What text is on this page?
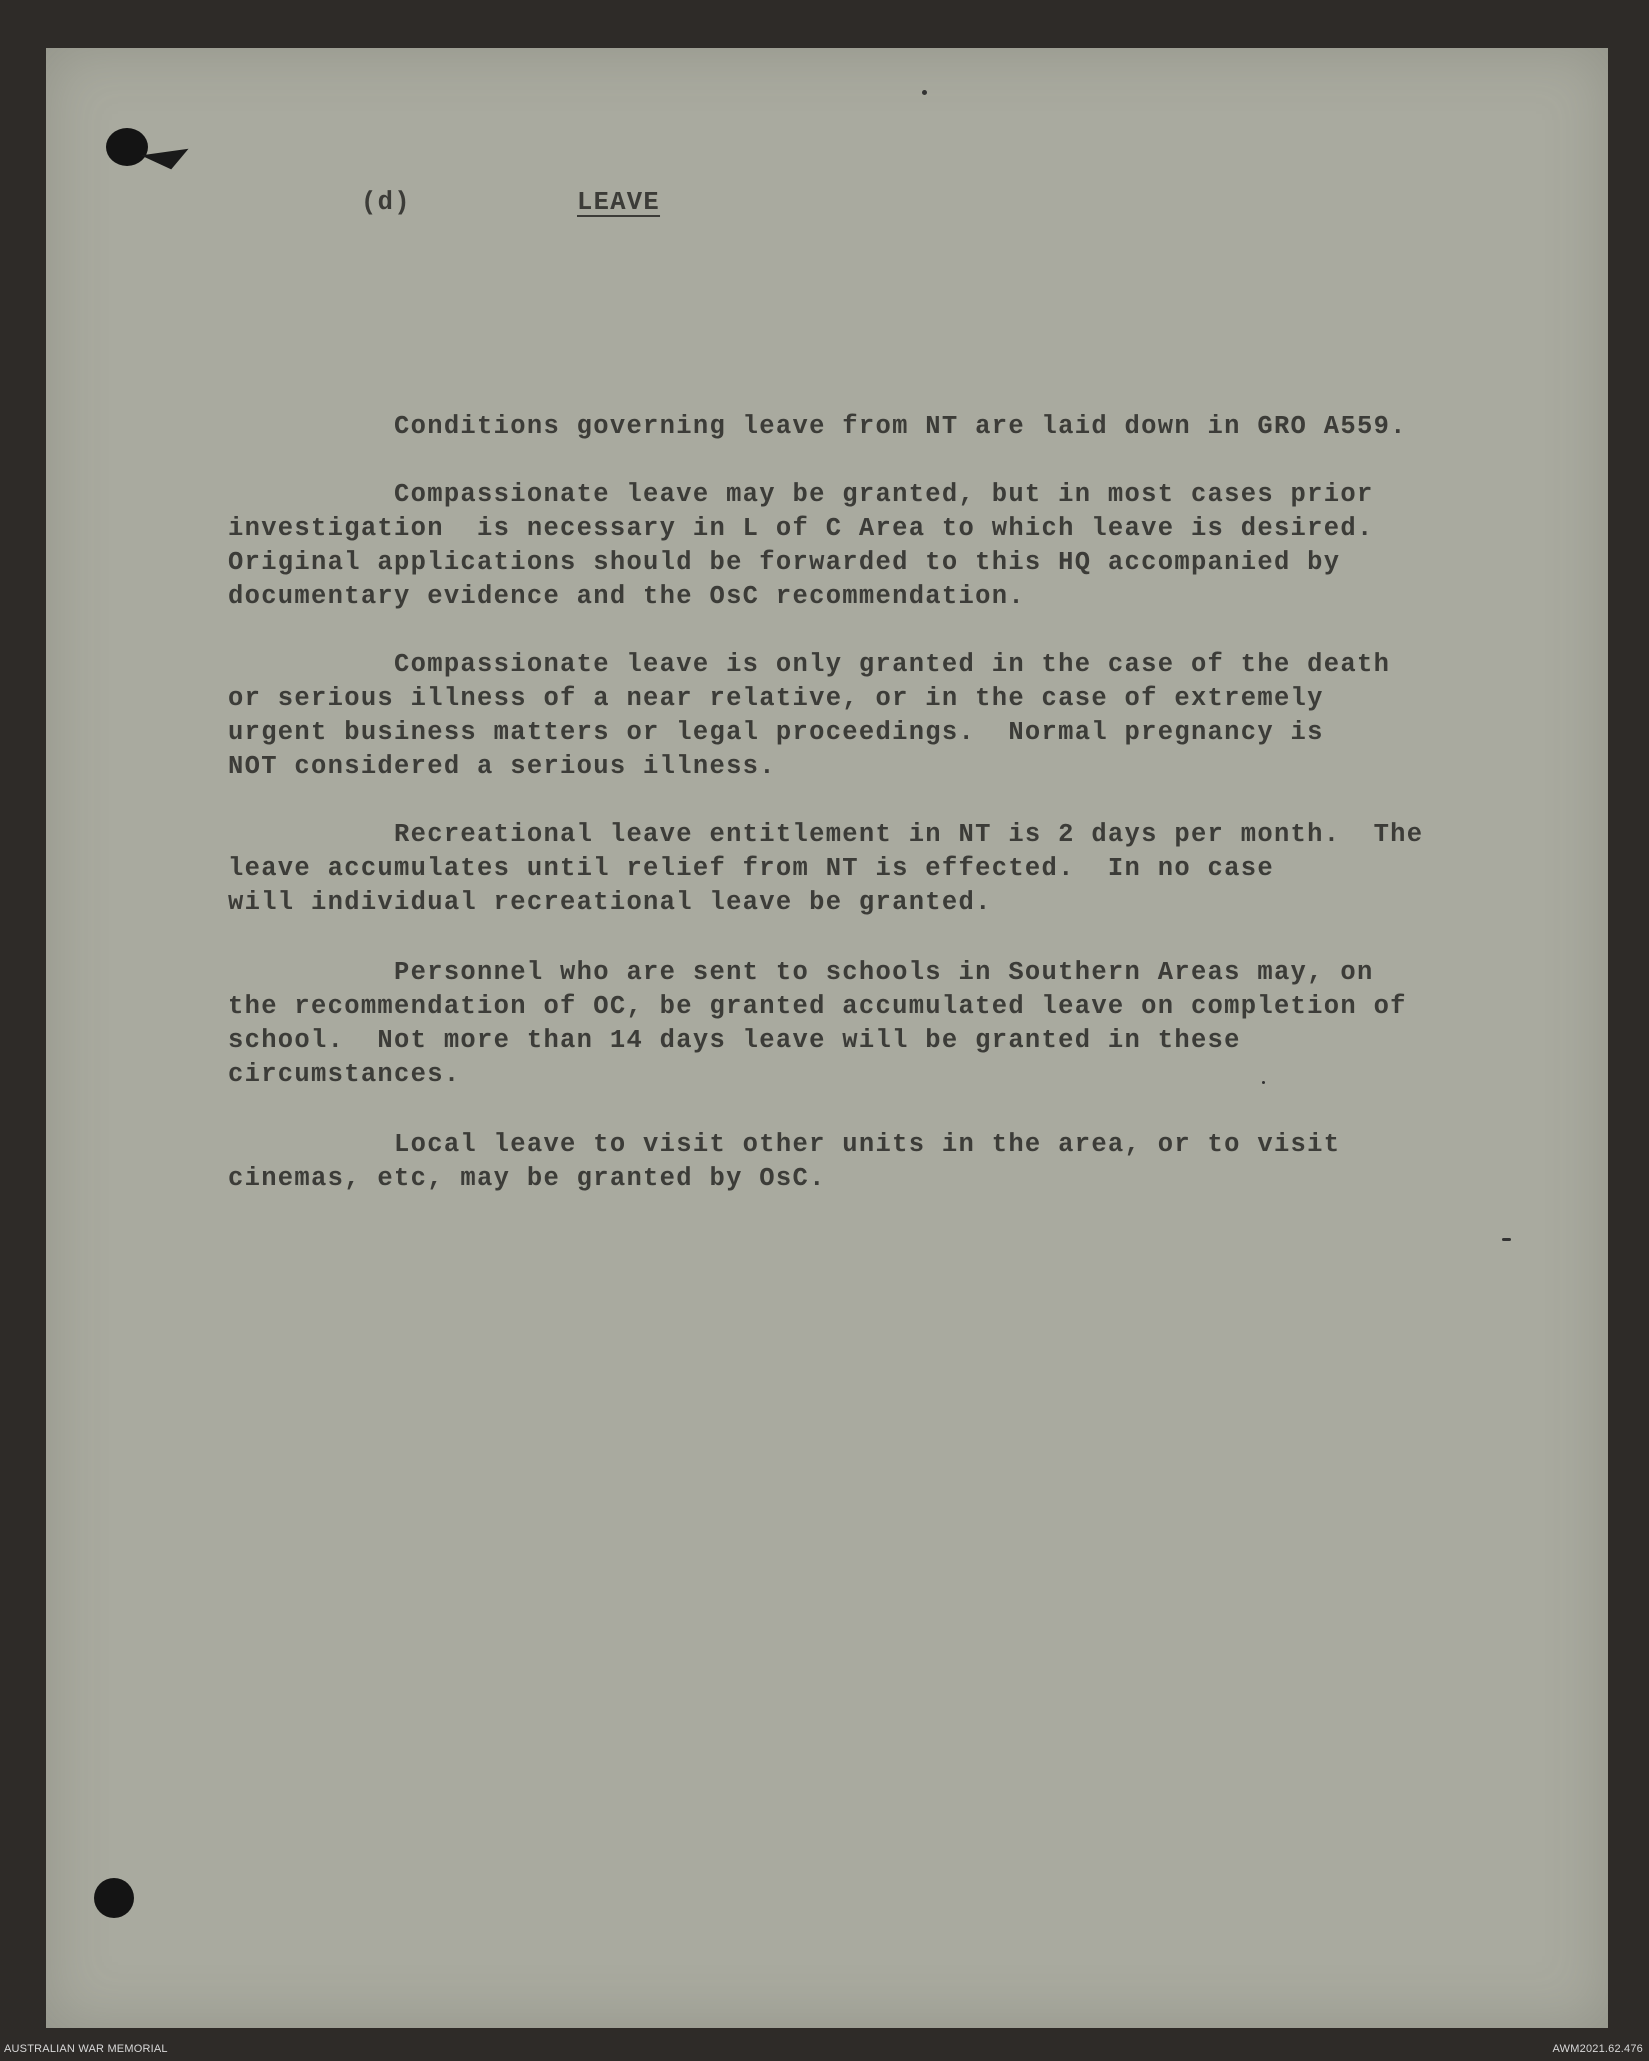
(d)	LEAVE
Conditions governing leave from NT are laid down in GRO A559.
Compassionate leave may be granted, but in most cases prior
investigation  is necessary in L of C Area to which leave is desired.
Original applications should be forwarded to this HQ accompanied by
documentary evidence and the OsC recommendation.
Compassionate leave is only granted in the case of the death
or serious illness of a near relative, or in the case of extremely
urgent business matters or legal proceedings.  Normal pregnancy is
NOT considered a serious illness.
Recreational leave entitlement in NT is 2 days per month.  The
leave accumulates until relief from NT is effected.  In no case
will individual recreational leave be granted.
Personnel who are sent to schools in Southern Areas may, on
the recommendation of OC, be granted accumulated leave on completion of
school.  Not more than 14 days leave will be granted in these
circumstances.
Local leave to visit other units in the area, or to visit
cinemas, etc, may be granted by OsC.
AUSTRALIAN WAR MEMORIAL	AWM2021.62.476
